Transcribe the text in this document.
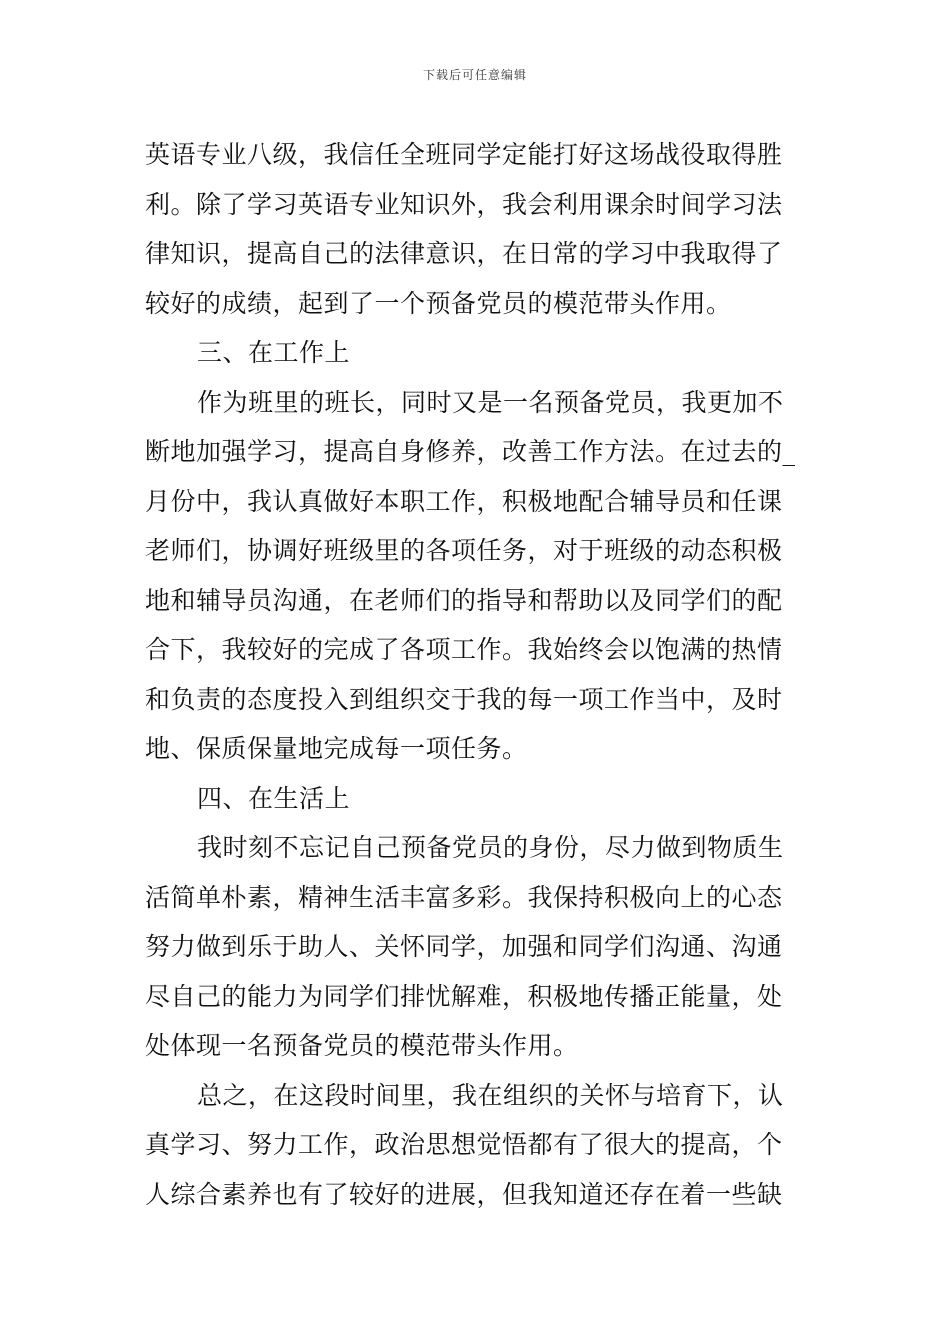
下载后可任意编辑
英语专业八级，我信任全班同学定能打好这场战役取得胜
利。除了学习英语专业知识外，我会利用课余时间学习法
律知识，提高自己的法律意识，在日常的学习中我取得了
较好的成绩，起到了一个预备党员的模范带头作用。
三、在工作上
作为班里的班长，同时又是一名预备党员，我更加不
断地加强学习，提高自身修养，改善工作方法。在过去的_
月份中，我认真做好本职工作，积极地配合辅导员和任课
老师们，协调好班级里的各项任务，对于班级的动态积极
地和辅导员沟通，在老师们的指导和帮助以及同学们的配
合下，我较好的完成了各项工作。我始终会以饱满的热情
和负责的态度投入到组织交于我的每一项工作当中，及时
地、保质保量地完成每一项任务。
四、在生活上
我时刻不忘记自己预备党员的身份，尽力做到物质生
活简单朴素，精神生活丰富多彩。我保持积极向上的心态
努力做到乐于助人、关怀同学，加强和同学们沟通、沟通
尽自己的能力为同学们排忧解难，积极地传播正能量，处
处体现一名预备党员的模范带头作用。
总之，在这段时间里，我在组织的关怀与培育下，认
真学习、努力工作，政治思想觉悟都有了很大的提高，个
人综合素养也有了较好的进展，但我知道还存在着一些缺
